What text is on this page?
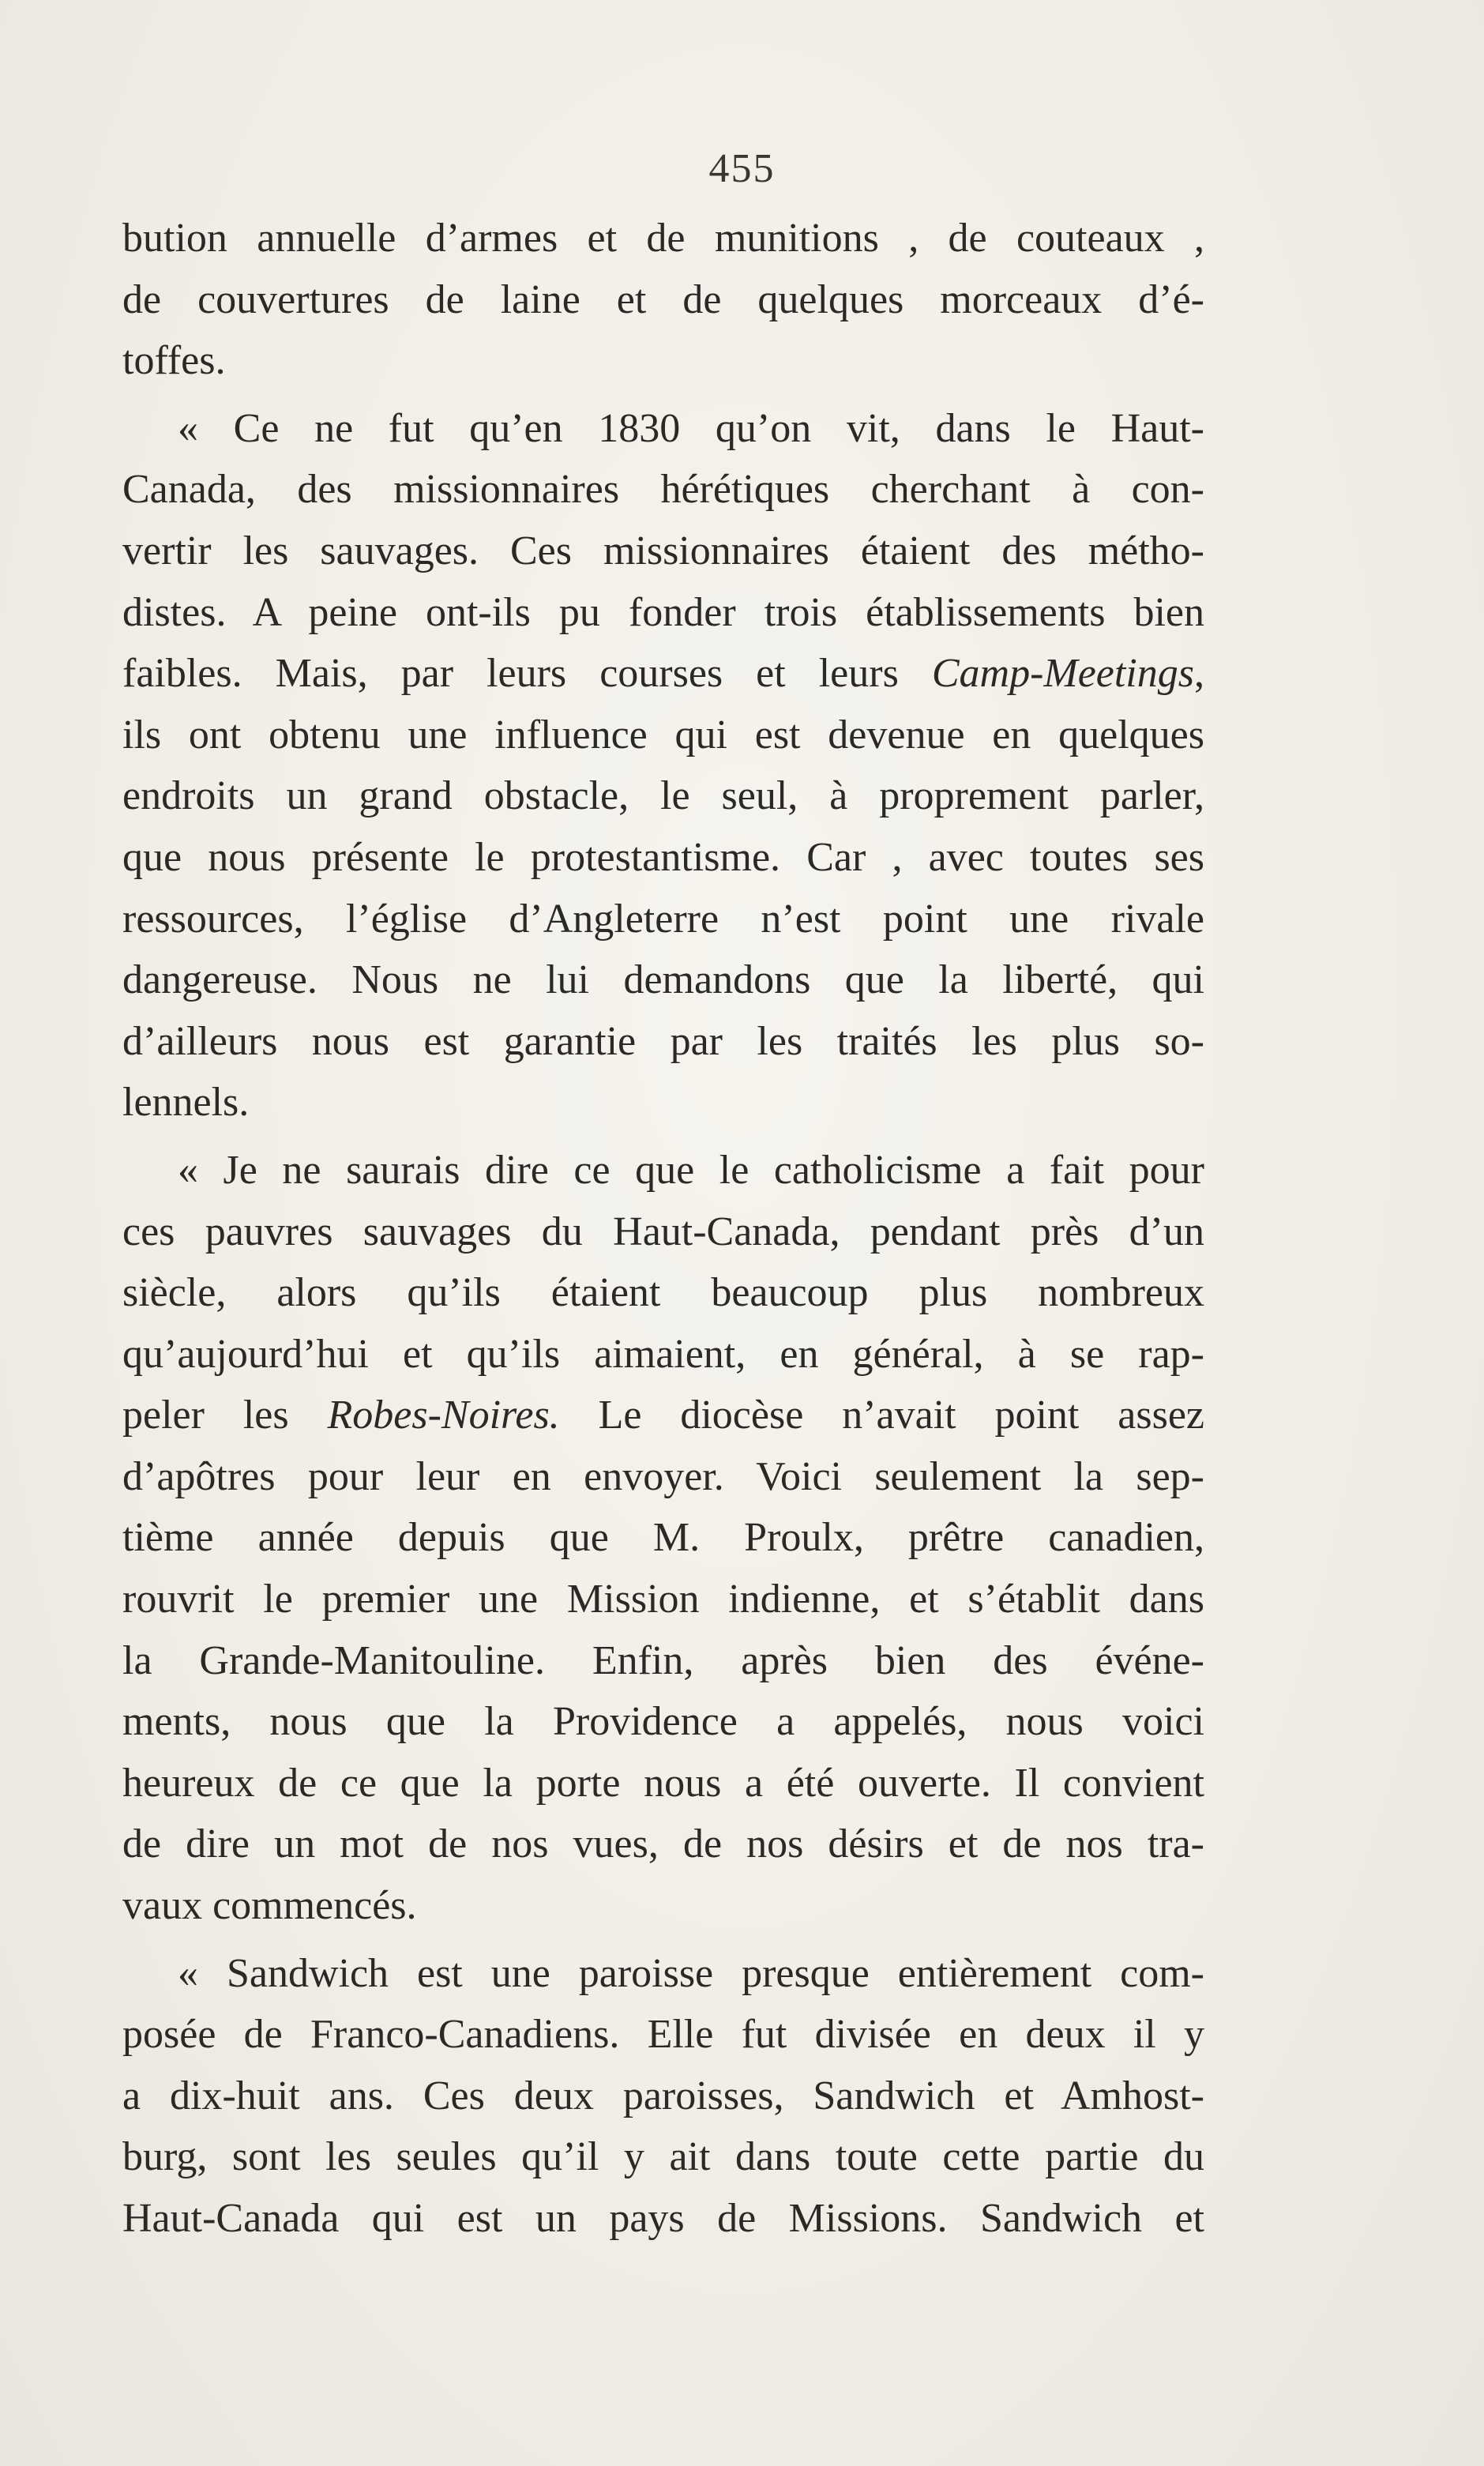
455
bution annuelle d’armes et de munitions , de couteaux ,
de couvertures de laine et de quelques morceaux d’é-
toffes.
« Ce ne fut qu’en 1830 qu’on vit, dans le Haut-
Canada, des missionnaires hérétiques cherchant à con-
vertir les sauvages. Ces missionnaires étaient des métho-
distes. A peine ont-ils pu fonder trois établissements bien
faibles. Mais, par leurs courses et leurs Camp-Meetings,
ils ont obtenu une influence qui est devenue en quelques
endroits un grand obstacle, le seul, à proprement parler,
que nous présente le protestantisme. Car , avec toutes ses
ressources, l’église d’Angleterre n’est point une rivale
dangereuse. Nous ne lui demandons que la liberté, qui
d’ailleurs nous est garantie par les traités les plus so-
lennels.
« Je ne saurais dire ce que le catholicisme a fait pour
ces pauvres sauvages du Haut-Canada, pendant près d’un
siècle, alors qu’ils étaient beaucoup plus nombreux
qu’aujourd’hui et qu’ils aimaient, en général, à se rap-
peler les Robes-Noires. Le diocèse n’avait point assez
d’apôtres pour leur en envoyer. Voici seulement la sep-
tième année depuis que M. Proulx, prêtre canadien,
rouvrit le premier une Mission indienne, et s’établit dans
la Grande-Manitouline. Enfin, après bien des événe-
ments, nous que la Providence a appelés, nous voici
heureux de ce que la porte nous a été ouverte. Il convient
de dire un mot de nos vues, de nos désirs et de nos tra-
vaux commencés.
« Sandwich est une paroisse presque entièrement com-
posée de Franco-Canadiens. Elle fut divisée en deux il y
a dix-huit ans. Ces deux paroisses, Sandwich et Amhost-
burg, sont les seules qu’il y ait dans toute cette partie du
Haut-Canada qui est un pays de Missions. Sandwich et
